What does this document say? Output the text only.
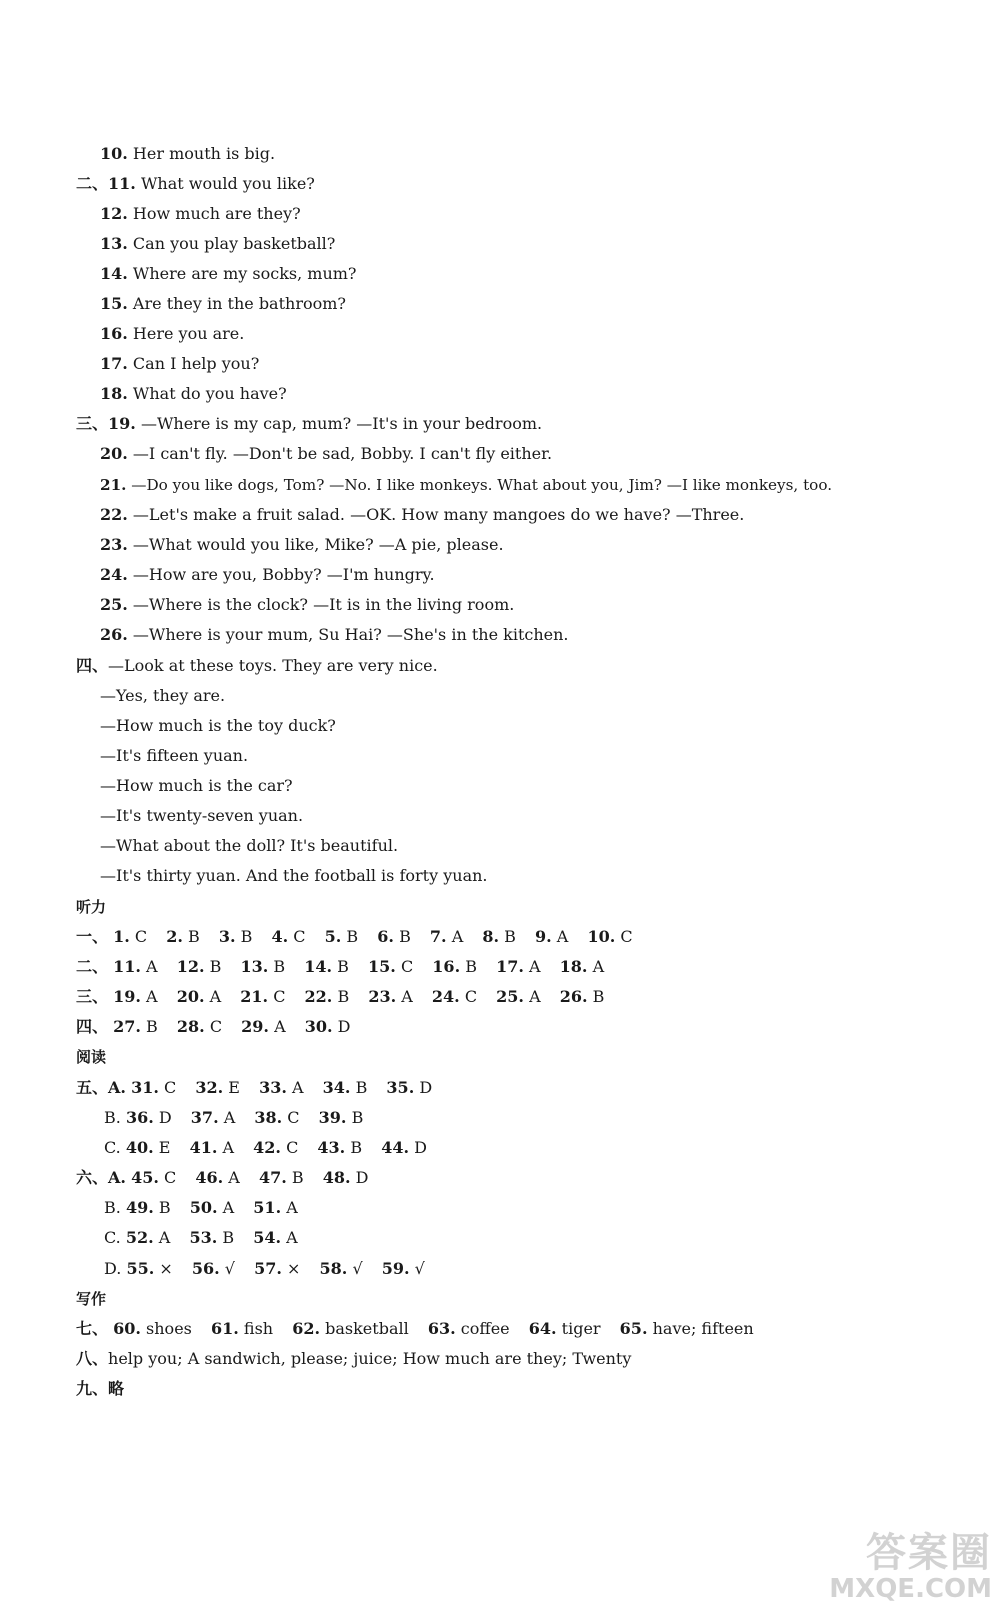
10. Her mouth is big.
二、11. What would you like?
12. How much are they?
13. Can you play basketball?
14. Where are my socks, mum?
15. Are they in the bathroom?
16. Here you are.
17. Can I help you?
18. What do you have?
三、19. —Where is my cap, mum? —It's in your bedroom.
20. —I can't fly. —Don't be sad, Bobby. I can't fly either.
21. —Do you like dogs, Tom? —No. I like monkeys. What about you, Jim? —I like monkeys, too.
22. —Let's make a fruit salad. —OK. How many mangoes do we have? —Three.
23. —What would you like, Mike? —A pie, please.
24. —How are you, Bobby? —I'm hungry.
25. —Where is the clock? —It is in the living room.
26. —Where is your mum, Su Hai? —She's in the kitchen.
四、—Look at these toys. They are very nice.
—Yes, they are.
—How much is the toy duck?
—It's fifteen yuan.
—How much is the car?
—It's twenty-seven yuan.
—What about the doll? It's beautiful.
—It's thirty yuan. And the football is forty yuan.
听力
一、 1. C 2. B 3. B 4. C 5. B 6. B 7. A 8. B 9. A 10. C
二、 11. A 12. B 13. B 14. B 15. C 16. B 17. A 18. A
三、 19. A 20. A 21. C 22. B 23. A 24. C 25. A 26. B
四、 27. B 28. C 29. A 30. D
阅读
五、A. 31. C 32. E 33. A 34. B 35. D
B. 36. D 37. A 38. C 39. B
C. 40. E 41. A 42. C 43. B 44. D
六、A. 45. C 46. A 47. B 48. D
B. 49. B 50. A 51. A
C. 52. A 53. B 54. A
D. 55. × 56. √ 57. × 58. √ 59. √
写作
七、 60. shoes 61. fish 62. basketball 63. coffee 64. tiger 65. have; fifteen
八、help you; A sandwich, please; juice; How much are they; Twenty
九、略
答案圈
MXQE.COM
